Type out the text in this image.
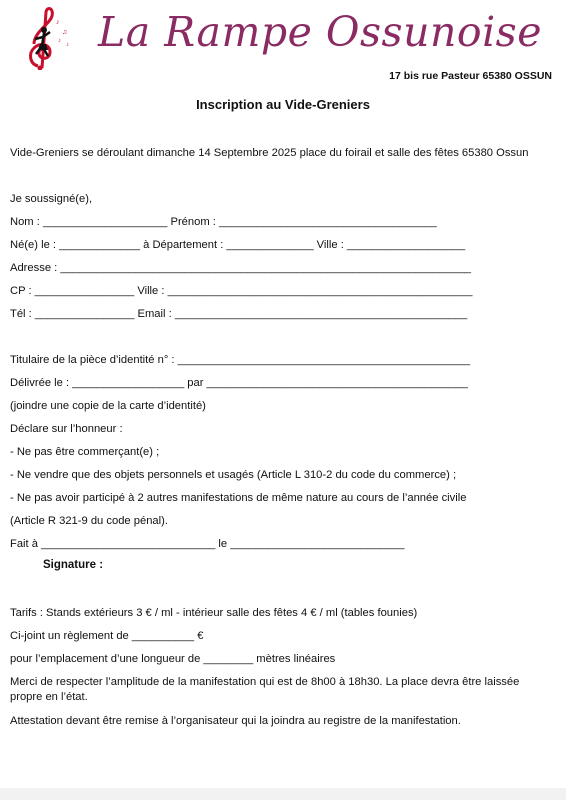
♪
♫
♪
♪ La Rampe Ossunoise
17 bis rue Pasteur 65380 OSSUN
Inscription au Vide-Greniers
Vide-Greniers se déroulant dimanche 14 Septembre 2025 place du foirail et salle des fêtes 65380 Ossun
Je soussigné(e),
Nom : ____________________ Prénom : ___________________________________
Né(e) le : _____________ à Département : ______________ Ville : ___________________
Adresse : __________________________________________________________________
CP : ________________ Ville : _________________________________________________
Tél : ________________ Email : _______________________________________________
Titulaire de la pièce d’identité n° : _______________________________________________
Délivrée le : __________________ par __________________________________________
(joindre une copie de la carte d’identité)
Déclare sur l’honneur :
- Ne pas être commerçant(e) ;
- Ne vendre que des objets personnels et usagés (Article L 310-2 du code du commerce) ;
- Ne pas avoir participé à 2 autres manifestations de même nature au cours de l’année civile
(Article R 321-9 du code pénal).
Fait à ____________________________ le ____________________________
Signature :
Tarifs : Stands extérieurs 3 € / ml - intérieur salle des fêtes 4 € / ml (tables founies)
Ci-joint un règlement de __________ €
pour l’emplacement d’une longueur de ________ mètres linéaires
Merci de respecter l’amplitude de la manifestation qui est de 8h00 à 18h30. La place devra être laissée propre en l’état.
Attestation devant être remise à l’organisateur qui la joindra au registre de la manifestation.
